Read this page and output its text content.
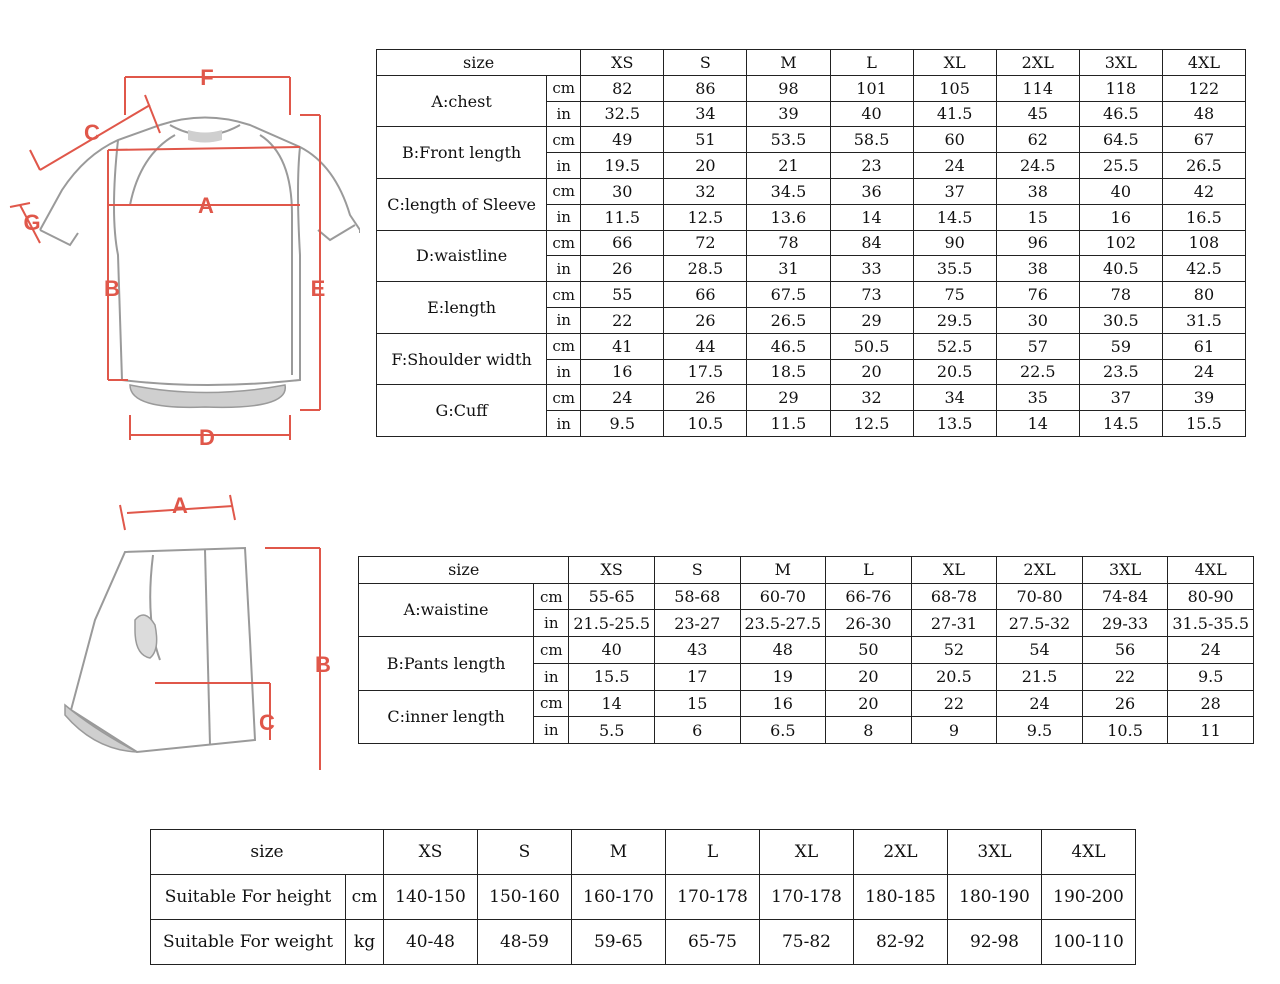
F
C
G
A
B	E
D
A
B
C
size		XS	S	M	L	XL	2XL	3XL	4XL
A:chest	cm	82	86	98	101	105	114	118	122
	in	32.5	34	39	40	41.5	45	46.5	48
B:Front length	cm	49	51	53.5	58.5	60	62	64.5	67
	in	19.5	20	21	23	24	24.5	25.5	26.5
C:length of Sleeve	cm	30	32	34.5	36	37	38	40	42
	in	11.5	12.5	13.6	14	14.5	15	16	16.5
D:waistline	cm	66	72	78	84	90	96	102	108
	in	26	28.5	31	33	35.5	38	40.5	42.5
E:length	cm	55	66	67.5	73	75	76	78	80
	in	22	26	26.5	29	29.5	30	30.5	31.5
F:Shoulder width	cm	41	44	46.5	50.5	52.5	57	59	61
	in	16	17.5	18.5	20	20.5	22.5	23.5	24
G:Cuff	cm	24	26	29	32	34	35	37	39
	in	9.5	10.5	11.5	12.5	13.5	14	14.5	15.5
size		XS	S	M	L	XL	2XL	3XL	4XL
A:waistine	cm	55-65	58-68	60-70	66-76	68-78	70-80	74-84	80-90
	in	21.5-25.5	23-27	23.5-27.5	26-30	27-31	27.5-32	29-33	31.5-35.5
B:Pants length	cm	40	43	48	50	52	54	56	24
	in	15.5	17	19	20	20.5	21.5	22	9.5
C:inner length	cm	14	15	16	20	22	24	26	28
	in	5.5	6	6.5	8	9	9.5	10.5	11
size		XS	S	M	L	XL	2XL	3XL	4XL
Suitable For height	cm	140-150	150-160	160-170	170-178	170-178	180-185	180-190	190-200
Suitable For weight	kg	40-48	48-59	59-65	65-75	75-82	82-92	92-98	100-110
